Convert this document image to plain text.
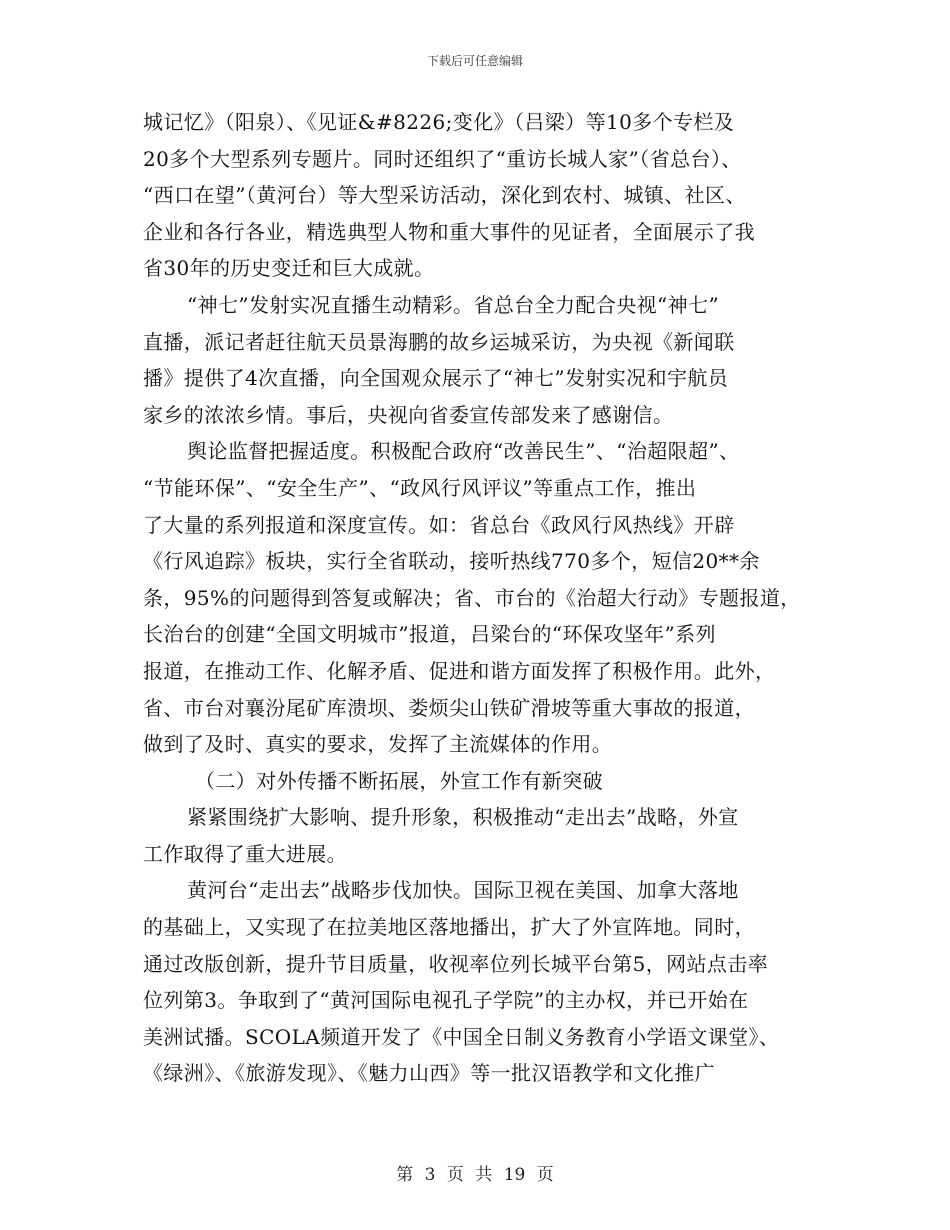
下载后可任意编辑
城记忆》（阳泉）、《见证&#8226;变化》（吕梁）等10多个专栏及
20多个大型系列专题片。同时还组织了“重访长城人家”（省总台）、
“西口在望”（黄河台）等大型采访活动，深化到农村、城镇、社区、
企业和各行各业，精选典型人物和重大事件的见证者，全面展示了我
省30年的历史变迁和巨大成就。
“神七”发射实况直播生动精彩。省总台全力配合央视“神七”
直播，派记者赶往航天员景海鹏的故乡运城采访，为央视《新闻联
播》提供了4次直播，向全国观众展示了“神七”发射实况和宇航员
家乡的浓浓乡情。事后，央视向省委宣传部发来了感谢信。
舆论监督把握适度。积极配合政府“改善民生”、“治超限超”、
“节能环保”、“安全生产”、“政风行风评议”等重点工作，推出
了大量的系列报道和深度宣传。如：省总台《政风行风热线》开辟
《行风追踪》板块，实行全省联动，接听热线770多个，短信20**余
条，95%的问题得到答复或解决；省、市台的《治超大行动》专题报道，
长治台的创建“全国文明城市”报道，吕梁台的“环保攻坚年”系列
报道，在推动工作、化解矛盾、促进和谐方面发挥了积极作用。此外，
省、市台对襄汾尾矿库溃坝、娄烦尖山铁矿滑坡等重大事故的报道，
做到了及时、真实的要求，发挥了主流媒体的作用。
（二）对外传播不断拓展，外宣工作有新突破
紧紧围绕扩大影响、提升形象，积极推动“走出去”战略，外宣
工作取得了重大进展。
黄河台“走出去”战略步伐加快。国际卫视在美国、加拿大落地
的基础上，又实现了在拉美地区落地播出，扩大了外宣阵地。同时，
通过改版创新，提升节目质量，收视率位列长城平台第5，网站点击率
位列第3。争取到了“黄河国际电视孔子学院”的主办权，并已开始在
美洲试播。SCOLA频道开发了《中国全日制义务教育小学语文课堂》、
《绿洲》、《旅游发现》、《魅力山西》等一批汉语教学和文化推广
第 3 页 共 19 页
